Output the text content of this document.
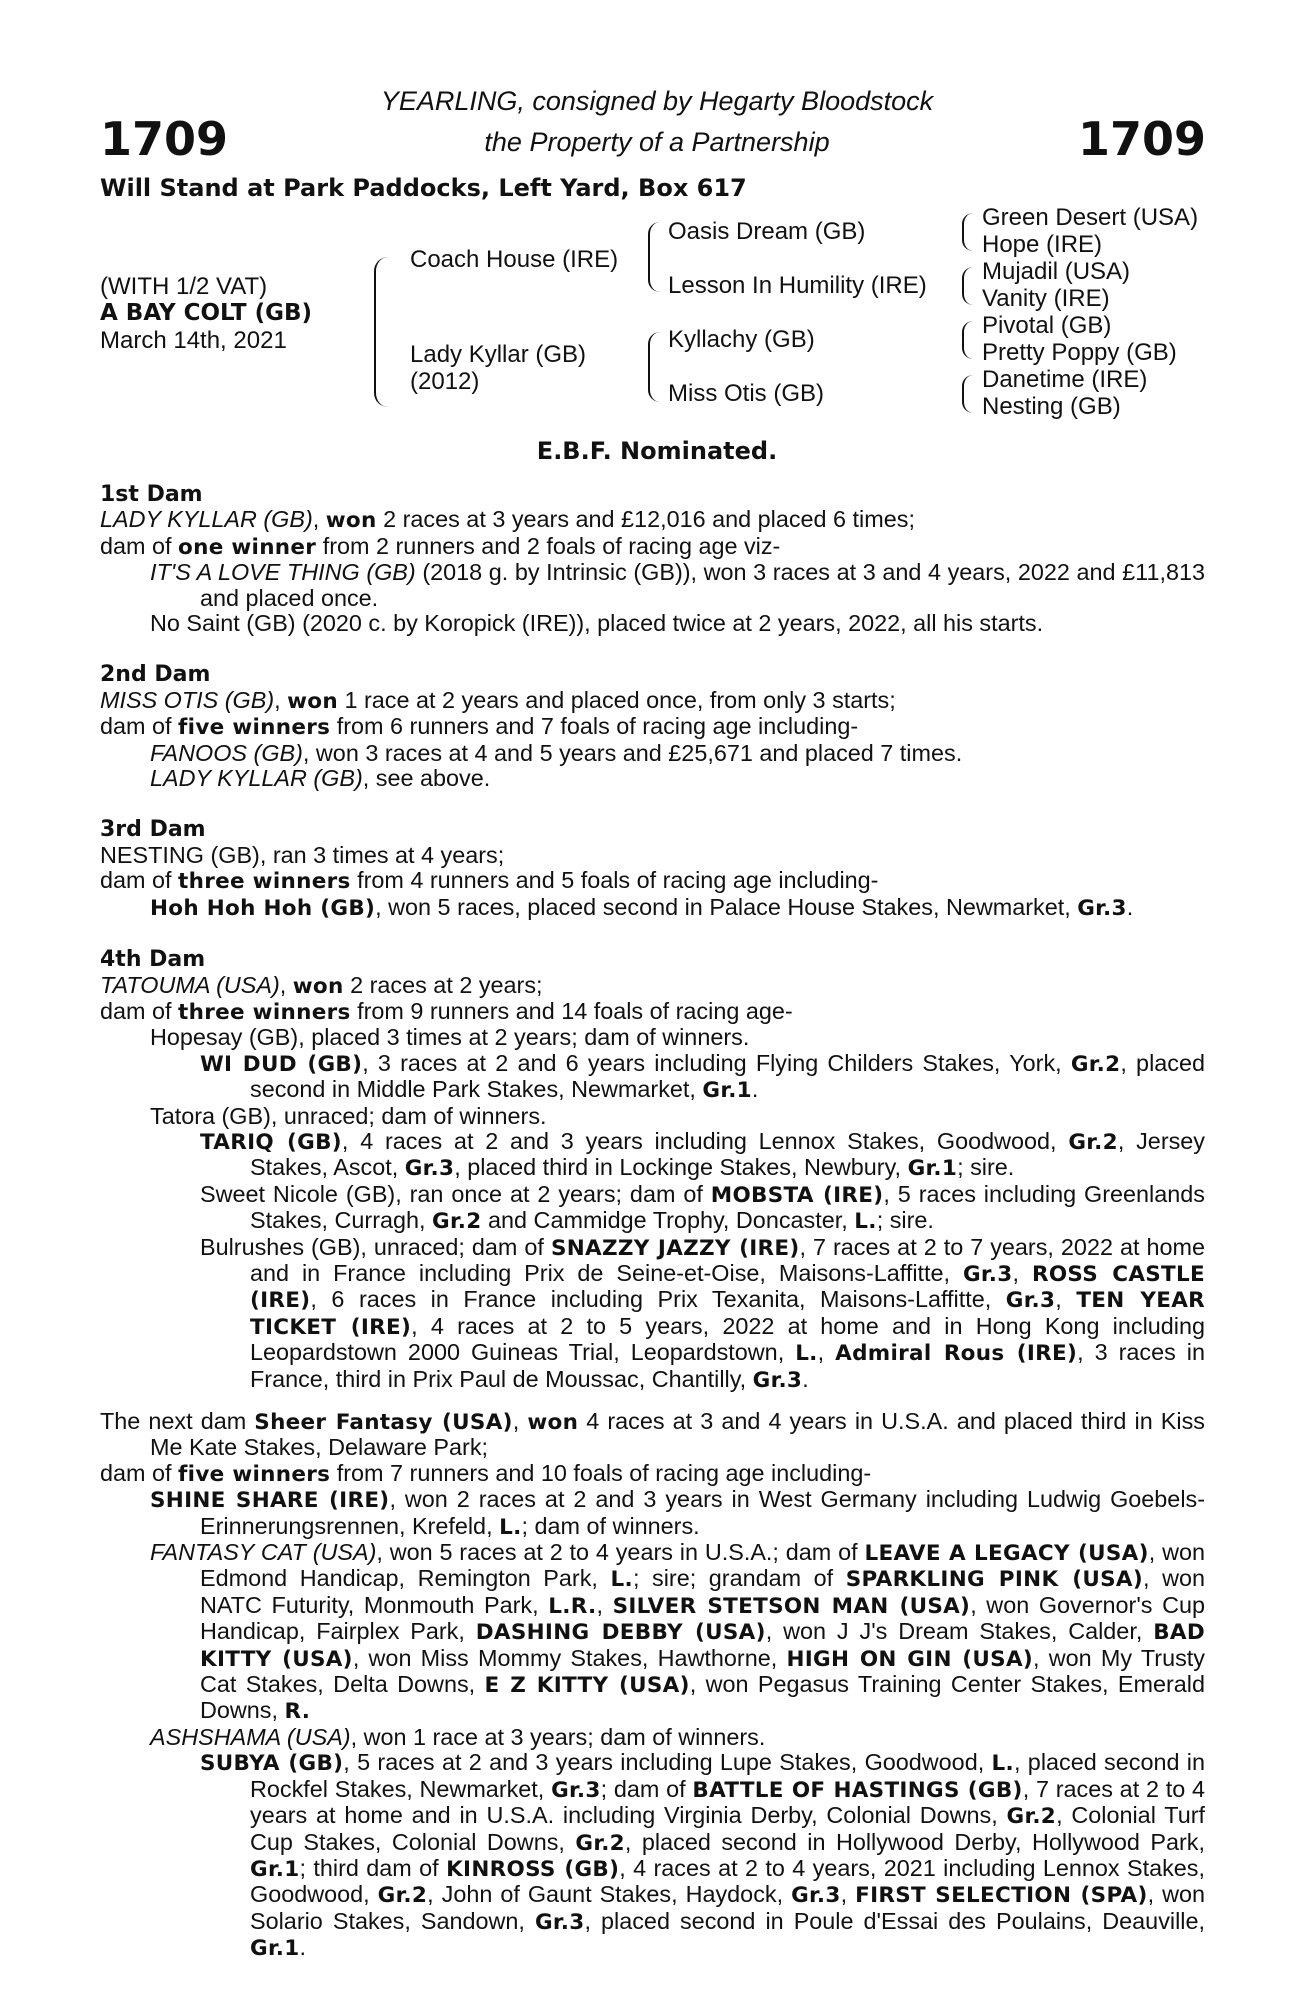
1709	1709
YEARLING, consigned by Hegarty Bloodstock
the Property of a Partnership
Will Stand at Park Paddocks, Left Yard, Box 617
(WITH 1/2 VAT)
A BAY COLT (GB)
March 14th, 2021
Coach House (IRE)
Lady Kyllar (GB)
(2012)
Oasis Dream (GB)
Lesson In Humility (IRE)
Kyllachy (GB)
Miss Otis (GB)
Green Desert (USA)
Hope (IRE)
Mujadil (USA)
Vanity (IRE)
Pivotal (GB)
Pretty Poppy (GB)
Danetime (IRE)
Nesting (GB)
E.B.F. Nominated.
1st Dam
LADY KYLLAR (GB), won 2 races at 3 years and £12,016 and placed 6 times;
dam of one winner from 2 runners and 2 foals of racing age viz-
IT'S A LOVE THING (GB) (2018 g. by Intrinsic (GB)), won 3 races at 3 and 4 years, 2022 and £11,813 and placed once.
No Saint (GB) (2020 c. by Koropick (IRE)), placed twice at 2 years, 2022, all his starts.
2nd Dam
MISS OTIS (GB), won 1 race at 2 years and placed once, from only 3 starts;
dam of five winners from 6 runners and 7 foals of racing age including-
FANOOS (GB), won 3 races at 4 and 5 years and £25,671 and placed 7 times.
LADY KYLLAR (GB), see above.
3rd Dam
NESTING (GB), ran 3 times at 4 years;
dam of three winners from 4 runners and 5 foals of racing age including-
Hoh Hoh Hoh (GB), won 5 races, placed second in Palace House Stakes, Newmarket, Gr.3.
4th Dam
TATOUMA (USA), won 2 races at 2 years;
dam of three winners from 9 runners and 14 foals of racing age-
Hopesay (GB), placed 3 times at 2 years; dam of winners.
WI DUD (GB), 3 races at 2 and 6 years including Flying Childers Stakes, York, Gr.2, placed second in Middle Park Stakes, Newmarket, Gr.1.
Tatora (GB), unraced; dam of winners.
TARIQ (GB), 4 races at 2 and 3 years including Lennox Stakes, Goodwood, Gr.2, Jersey Stakes, Ascot, Gr.3, placed third in Lockinge Stakes, Newbury, Gr.1; sire.
Sweet Nicole (GB), ran once at 2 years; dam of MOBSTA (IRE), 5 races including Greenlands Stakes, Curragh, Gr.2 and Cammidge Trophy, Doncaster, L.; sire.
Bulrushes (GB), unraced; dam of SNAZZY JAZZY (IRE), 7 races at 2 to 7 years, 2022 at home and in France including Prix de Seine-et-Oise, Maisons-Laffitte, Gr.3, ROSS CASTLE (IRE), 6 races in France including Prix Texanita, Maisons-Laffitte, Gr.3, TEN YEAR TICKET (IRE), 4 races at 2 to 5 years, 2022 at home and in Hong Kong including Leopardstown 2000 Guineas Trial, Leopardstown, L., Admiral Rous (IRE), 3 races in France, third in Prix Paul de Moussac, Chantilly, Gr.3.
The next dam Sheer Fantasy (USA), won 4 races at 3 and 4 years in U.S.A. and placed third in Kiss Me Kate Stakes, Delaware Park;
dam of five winners from 7 runners and 10 foals of racing age including-
SHINE SHARE (IRE), won 2 races at 2 and 3 years in West Germany including Ludwig Goebels-Erinnerungsrennen, Krefeld, L.; dam of winners.
FANTASY CAT (USA), won 5 races at 2 to 4 years in U.S.A.; dam of LEAVE A LEGACY (USA), won Edmond Handicap, Remington Park, L.; sire; grandam of SPARKLING PINK (USA), won NATC Futurity, Monmouth Park, L.R., SILVER STETSON MAN (USA), won Governor's Cup Handicap, Fairplex Park, DASHING DEBBY (USA), won J J's Dream Stakes, Calder, BAD KITTY (USA), won Miss Mommy Stakes, Hawthorne, HIGH ON GIN (USA), won My Trusty Cat Stakes, Delta Downs, E Z KITTY (USA), won Pegasus Training Center Stakes, Emerald Downs, R.
ASHSHAMA (USA), won 1 race at 3 years; dam of winners.
SUBYA (GB), 5 races at 2 and 3 years including Lupe Stakes, Goodwood, L., placed second in Rockfel Stakes, Newmarket, Gr.3; dam of BATTLE OF HASTINGS (GB), 7 races at 2 to 4 years at home and in U.S.A. including Virginia Derby, Colonial Downs, Gr.2, Colonial Turf Cup Stakes, Colonial Downs, Gr.2, placed second in Hollywood Derby, Hollywood Park, Gr.1; third dam of KINROSS (GB), 4 races at 2 to 4 years, 2021 including Lennox Stakes, Goodwood, Gr.2, John of Gaunt Stakes, Haydock, Gr.3, FIRST SELECTION (SPA), won Solario Stakes, Sandown, Gr.3, placed second in Poule d'Essai des Poulains, Deauville, Gr.1.
